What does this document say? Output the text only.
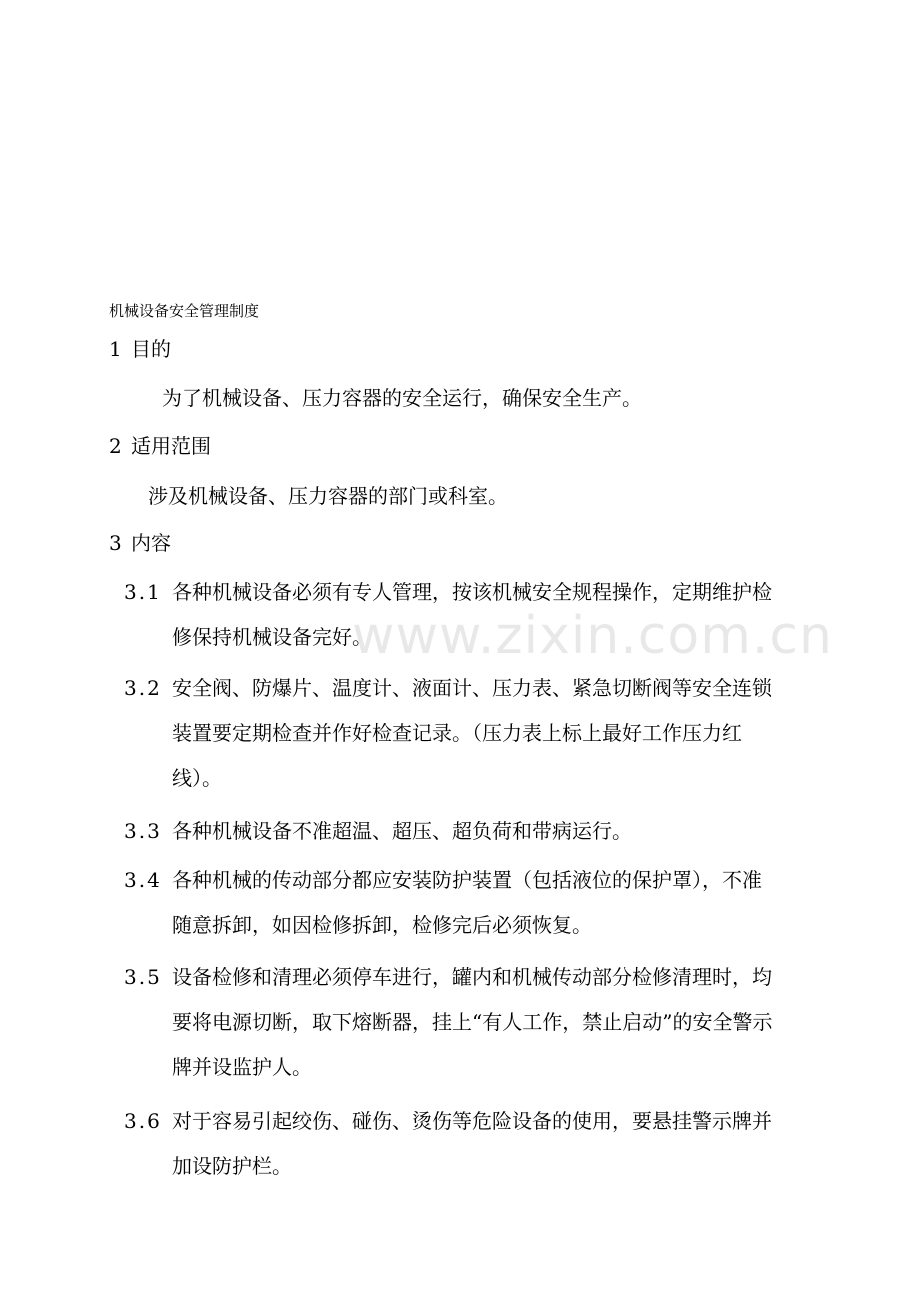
机械设备安全管理制度
1 目的
为了机械设备、压力容器的安全运行，确保安全生产。
2 适用范围
涉及机械设备、压力容器的部门或科室。
3 内容
3.1 各种机械设备必须有专人管理，按该机械安全规程操作，定期维护检
修保持机械设备完好。
3.2 安全阀、防爆片、温度计、液面计、压力表、紧急切断阀等安全连锁
装置要定期检查并作好检查记录。（压力表上标上最好工作压力红
线）。
3.3 各种机械设备不准超温、超压、超负荷和带病运行。
3.4 各种机械的传动部分都应安装防护装置（包括液位的保护罩），不准
随意拆卸，如因检修拆卸，检修完后必须恢复。
3.5 设备检修和清理必须停车进行，罐内和机械传动部分检修清理时，均
要将电源切断，取下熔断器，挂上“有人工作，禁止启动”的安全警示
牌并设监护人。
3.6 对于容易引起绞伤、碰伤、烫伤等危险设备的使用，要悬挂警示牌并
加设防护栏。
www.zixin.com.cn
